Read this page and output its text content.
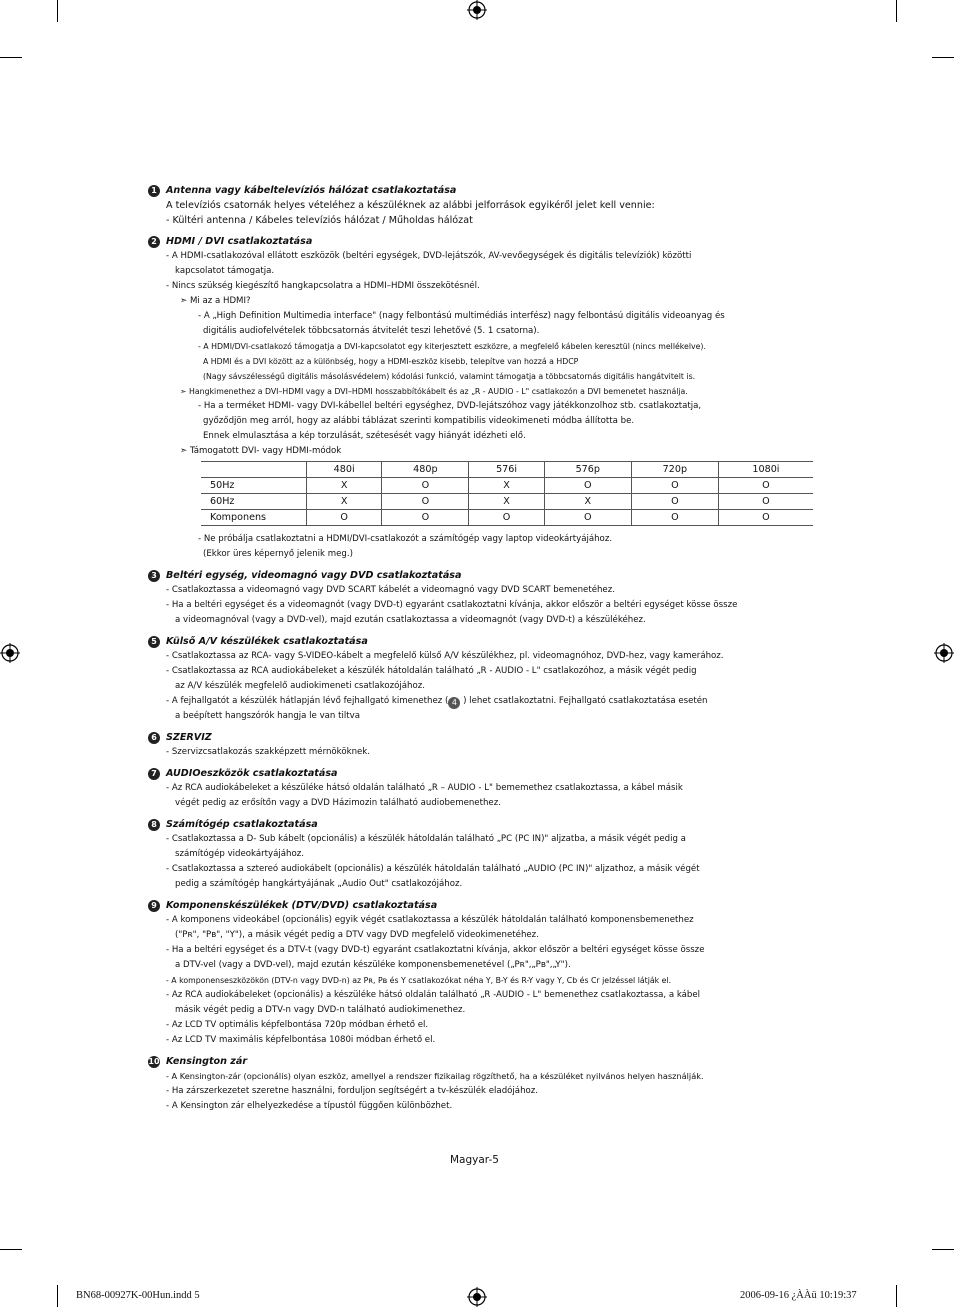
1 Antenna vagy kábeltelevíziós hálózat csatlakoztatása
A televíziós csatornák helyes vételéhez a készüléknek az alábbi jelforrások egyikéről jelet kell vennie:
- Kültéri antenna / Kábeles televíziós hálózat / Műholdas hálózat
2 HDMI / DVI csatlakoztatása
- A HDMI-csatlakozóval ellátott eszközök (beltéri egységek, DVD-lejátszók, AV-vevőegységek és digitális televíziók) közötti
kapcsolatot támogatja.
- Nincs szükség kiegészítő hangkapcsolatra a HDMI–HDMI összekötésnél.
➣ Mi az a HDMI?
- A „High Definition Multimedia interface" (nagy felbontású multimédiás interfész) nagy felbontású digitális videoanyag és
digitális audiofelvételek többcsatornás átvitelét teszi lehetővé (5. 1 csatorna).
- A HDMI/DVI-csatlakozó támogatja a DVI-kapcsolatot egy kiterjesztett eszközre, a megfelelő kábelen keresztül (nincs mellékelve).
A HDMI és a DVI között az a különbség, hogy a HDMI-eszköz kisebb, telepítve van hozzá a HDCP
(Nagy sávszélességű digitális másolásvédelem) kódolási funkció, valamint támogatja a többcsatornás digitális hangátvitelt is.
➣ Hangkimenethez a DVI–HDMI vagy a DVI–HDMI hosszabbítókábelt és az „R - AUDIO - L" csatlakozón a DVI bemenetet használja.
- Ha a terméket HDMI- vagy DVI-kábellel beltéri egységhez, DVD-lejátszóhoz vagy játékkonzolhoz stb. csatlakoztatja,
győződjön meg arról, hogy az alábbi táblázat szerinti kompatibilis videokimeneti módba állította be.
Ennek elmulasztása a kép torzulását, szétesését vagy hiányát idézheti elő.
➣ Támogatott DVI- vagy HDMI-módok
	480i	480p	576i	576p	720p	1080i
50Hz	X	O	X	O	O	O
60Hz	X	O	X	X	O	O
Komponens	O	O	O	O	O	O
- Ne próbálja csatlakoztatni a HDMI/DVI-csatlakozót a számítógép vagy laptop videokártyájához.
(Ekkor üres képernyő jelenik meg.)
3 Beltéri egység, videomagnó vagy DVD csatlakoztatása
- Csatlakoztassa a videomagnó vagy DVD SCART kábelét a videomagnó vagy DVD SCART bemenetéhez.
- Ha a beltéri egységet és a videomagnót (vagy DVD-t) egyaránt csatlakoztatni kívánja, akkor először a beltéri egységet kösse össze
a videomagnóval (vagy a DVD-vel), majd ezután csatlakoztassa a videomagnót (vagy DVD-t) a készülékéhez.
5 Külső A/V készülékek csatlakoztatása
- Csatlakoztassa az RCA- vagy S-VIDEO-kábelt a megfelelő külső A/V készülékhez, pl. videomagnóhoz, DVD-hez, vagy kamerához.
- Csatlakoztassa az RCA audiokábeleket a készülék hátoldalán található „R - AUDIO - L" csatlakozóhoz, a másik végét pedig
az A/V készülék megfelelő audiokimeneti csatlakozójához.
- A fejhallgatót a készülék hátlapján lévő fejhallgató kimenethez ( 4 ) lehet csatlakoztatni. Fejhallgató csatlakoztatása esetén
a beépített hangszórók hangja le van tiltva
6 SZERVIZ
- Szervizcsatlakozás szakképzett mérnököknek.
7 AUDIOeszközök csatlakoztatása
- Az RCA audiokábeleket a készüléke hátsó oldalán található „R – AUDIO - L" bememethez csatlakoztassa, a kábel másik
végét pedig az erősítőn vagy a DVD Házimozin található audiobemenethez.
8 Számítógép csatlakoztatása
- Csatlakoztassa a D- Sub kábelt (opcionális) a készülék hátoldalán található „PC (PC IN)" aljzatba, a másik végét pedig a
számítógép videokártyájához.
- Csatlakoztassa a sztereó audiokábelt (opcionális) a készülék hátoldalán található „AUDIO (PC IN)" aljzathoz, a másik végét
pedig a számítógép hangkártyájának „Audio Out" csatlakozójához.
9 Komponenskészülékek (DTV/DVD) csatlakoztatása
- A komponens videokábel (opcionális) egyik végét csatlakoztassa a készülék hátoldalán található komponensbemenethez
("Pʀ", "Pʙ", "Y"), a másik végét pedig a DTV vagy DVD megfelelő videokimenetéhez.
- Ha a beltéri egységet és a DTV-t (vagy DVD-t) egyaránt csatlakoztatni kívánja, akkor először a beltéri egységet kösse össze
a DTV-vel (vagy a DVD-vel), majd ezután készüléke komponensbemenetével („Pʀ",„Pʙ",„Y").
- A komponenseszközökön (DTV-n vagy DVD-n) az Pʀ, Pʙ és Y csatlakozókat néha Y, B-Y és R-Y vagy Y, Cb és Cr jelzéssel látják el.
- Az RCA audiokábeleket (opcionális) a készüléke hátsó oldalán található „R -AUDIO - L" bemenethez csatlakoztassa, a kábel
másik végét pedig a DTV-n vagy DVD-n található audiokimenethez.
- Az LCD TV optimális képfelbontása 720p módban érhető el.
- Az LCD TV maximális képfelbontása 1080i módban érhető el.
10 Kensington zár
- A Kensington-zár (opcionális) olyan eszköz, amellyel a rendszer fizikailag rögzíthető, ha a készüléket nyilvános helyen használják.
- Ha zárszerkezetet szeretne használni, forduljon segítségért a tv-készülék eladójához.
- A Kensington zár elhelyezkedése a típustól függően különbözhet.
Magyar-5
BN68-00927K-00Hun.indd 5	2006-09-16 ¿ÀÀü 10:19:37
